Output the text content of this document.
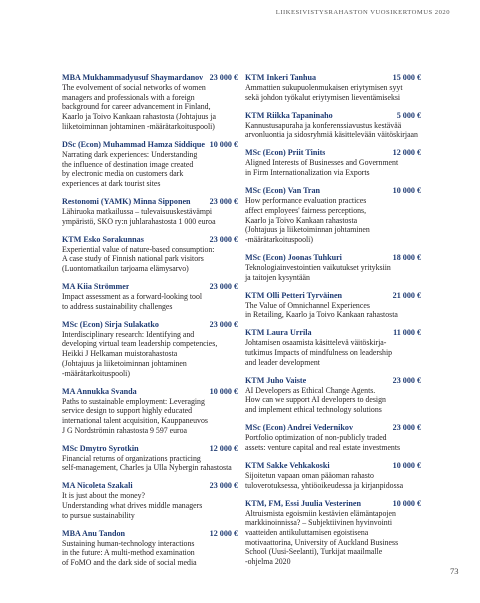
LIIKESIVISTYSRAHASTON VUOSIKERTOMUS 2020
MBA Mukhammadyusuf Shaymardanov 23 000 €
The evolvement of social networks of women
managers and professionals with a foreign
background for career advancement in Finland,
Kaarlo ja Toivo Kankaan rahastosta (Johtajuus ja
liiketoiminnan johtaminen -määrätarkoituspooli)
DSc (Econ) Muhammad Hamza Siddique 10 000 €
Narrating dark experiences: Understanding
the influence of destination image created
by electronic media on customers dark
experiences at dark tourist sites
Restonomi (YAMK) Minna Sipponen	23 000 €
Lähiruoka matkailussa – tulevaisuuskestävämpi
ympäristö, SKO ry:n juhlarahastosta 1 000 euroa
KTM Esko Sorakunnas	23 000 €
Experiential value of nature-based consumption:
A case study of Finnish national park visitors
(Luontomatkailun tarjoama elämysarvo)
MA Kiia Strömmer	23 000 €
Impact assessment as a forward-looking tool
to address sustainability challenges
MSc (Econ) Sirja Sulakatko	23 000 €
Interdisciplinary research: Identifying and
developing virtual team leadership competencies,
Heikki J Helkaman muistorahastosta
(Johtajuus ja liiketoiminnan johtaminen
-määrätarkoituspooli)
MA Annukka Svanda	10 000 €
Paths to sustainable employment: Leveraging
service design to support highly educated
international talent acquisition, Kauppaneuvos
J G Nordströmin rahastosta 9 597 euroa
MSc Dmytro Syrotkin	12 000 €
Financial returns of organizations practicing
self-management, Charles ja Ulla Nybergin rahastosta
MA Nicoleta Szakali	23 000 €
It is just about the money?
Understanding what drives middle managers
to pursue sustainability
MBA Anu Tandon	12 000 €
Sustaining human-technology interactions
in the future: A multi-method examination
of FoMO and the dark side of social media
KTM Inkeri Tanhua	15 000 €
Ammattien sukupuolenmukaisen eriytymisen syyt
sekä johdon työkalut eriytymisen lieventämiseksi
KTM Riikka Tapaninaho	5 000 €
Kannustusapurahа ja konferenssiavustus kestävää
arvonluontia ja sidosryhmiä käsittelevään väitöskirjaan
MSc (Econ) Priit Tinits	12 000 €
Aligned Interests of Businesses and Government
in Firm Internationalization via Exports
MSc (Econ) Van Tran	10 000 €
How performance evaluation practices
affect employees' fairness perceptions,
Kaarlo ja Toivo Kankaan rahastosta
(Johtajuus ja liiketoiminnan johtaminen
-määrätarkoituspooli)
MSc (Econ) Joonas Tuhkuri	18 000 €
Teknologiainvestointien vaikutukset yrityksiin
ja taitojen kysyntään
KTM Olli Petteri Tyrväinen	21 000 €
The Value of Omnichannel Experiences
in Retailing, Kaarlo ja Toivo Kankaan rahastosta
KTM Laura Urrila	11 000 €
Johtamisen osaamista käsittelevä väitöskirja-
tutkimus Impacts of mindfulness on leadership
and leader development
KTM Juho Vaiste	23 000 €
AI Developers as Ethical Change Agents.
How can we support AI developers to design
and implement ethical technology solutions
MSc (Econ) Andrei Vedernikov	23 000 €
Portfolio optimization of non-publicly traded
assets: venture capital and real estate investments
KTM Sakke Vehkakoski	10 000 €
Sijoitetun vapaan oman pääoman rahasto
tuloverotuksessa, yhtiöoikeudessa ja kirjanpidossa
KTM, FM, Essi Juulia Vesterinen	10 000 €
Altruismista egoismiin kestävien elämäntapojen
markkinoinnissa? – Subjektiivinen hyvinvointi
vaatteiden antikuluttamisen egoistisena
motivaattorina, University of Auckland Business
School (Uusi-Seelanti), Turkijat maailmalle
-ohjelma 2020
73
